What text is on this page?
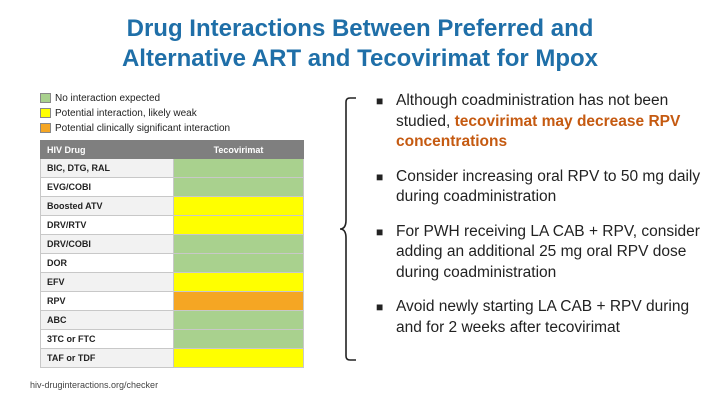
Drug Interactions Between Preferred and
Alternative ART and Tecovirimat for Mpox
No interaction expected
Potential interaction, likely weak
Potential clinically significant interaction
HIV Drug	Tecovirimat
BIC, DTG, RAL	
EVG/COBI	
Boosted ATV	
DRV/RTV	
DRV/COBI	
DOR	
EFV	
RPV	
ABC	
3TC or FTC	
TAF or TDF	
hiv-druginteractions.org/checker
■ Although coadministration has not been studied, tecovirimat may decrease RPV concentrations
■ Consider increasing oral RPV to 50 mg daily during coadministration
■ For PWH receiving LA CAB + RPV, consider adding an additional 25 mg oral RPV dose during coadministration
■ Avoid newly starting LA CAB + RPV during and for 2 weeks after tecovirimat
